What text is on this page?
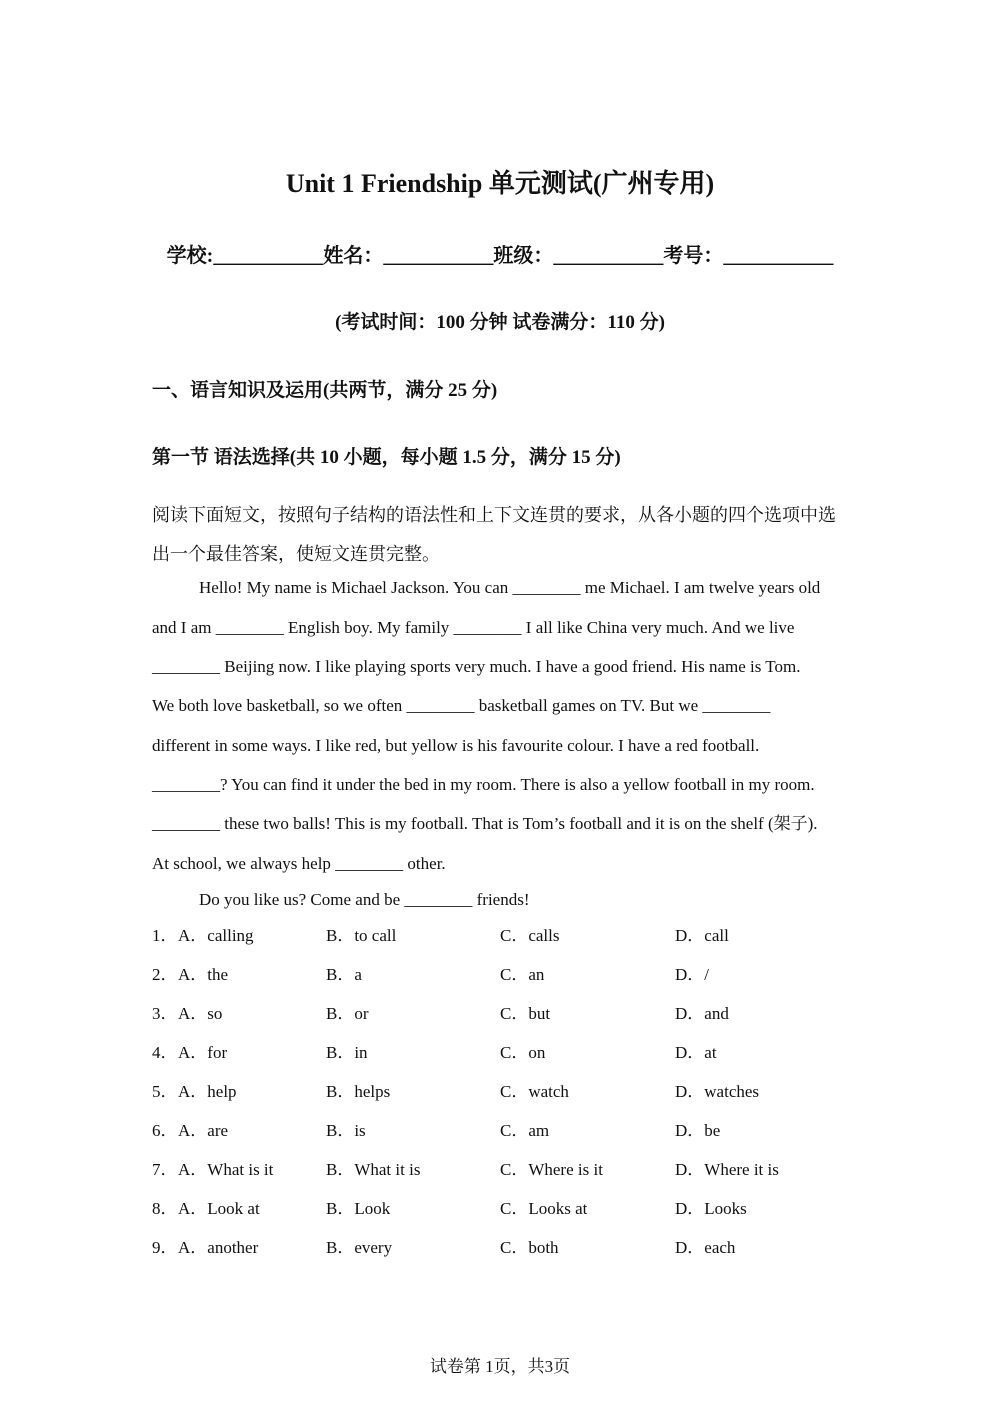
Unit 1 Friendship 单元测试(广州专用)
学校:___________姓名：___________班级：___________考号：___________
(考试时间：100 分钟 试卷满分：110 分)
一、语言知识及运用(共两节，满分 25 分)
第一节 语法选择(共 10 小题，每小题 1.5 分，满分 15 分)
阅读下面短文，按照句子结构的语法性和上下文连贯的要求，从各小题的四个选项中选出一个最佳答案，使短文连贯完整。
Hello! My name is Michael Jackson. You can ________ me Michael. I am twelve years old
and I am ________ English boy. My family ________ I all like China very much. And we live
________ Beijing now. I like playing sports very much. I have a good friend. His name is Tom.
We both love basketball, so we often ________ basketball games on TV. But we ________
different in some ways. I like red, but yellow is his favourite colour. I have a red football.
________? You can find it under the bed in my room. There is also a yellow football in my room.
________ these two balls! This is my football. That is Tom’s football and it is on the shelf (架子).
At school, we always help ________ other.
Do you like us? Come and be ________ friends!
1． A．calling	B．to call	C．calls	D．call
2． A．the	B．a	C．an	D．/
3． A．so	B．or	C．but	D．and
4． A．for	B．in	C．on	D．at
5． A．help	B．helps	C．watch	D．watches
6． A．are	B．is	C．am	D．be
7． A．What is it	B．What it is	C．Where is it	D．Where it is
8． A．Look at	B．Look	C．Looks at	D．Looks
9． A．another	B．every	C．both	D．each
试卷第 1页，共3页
